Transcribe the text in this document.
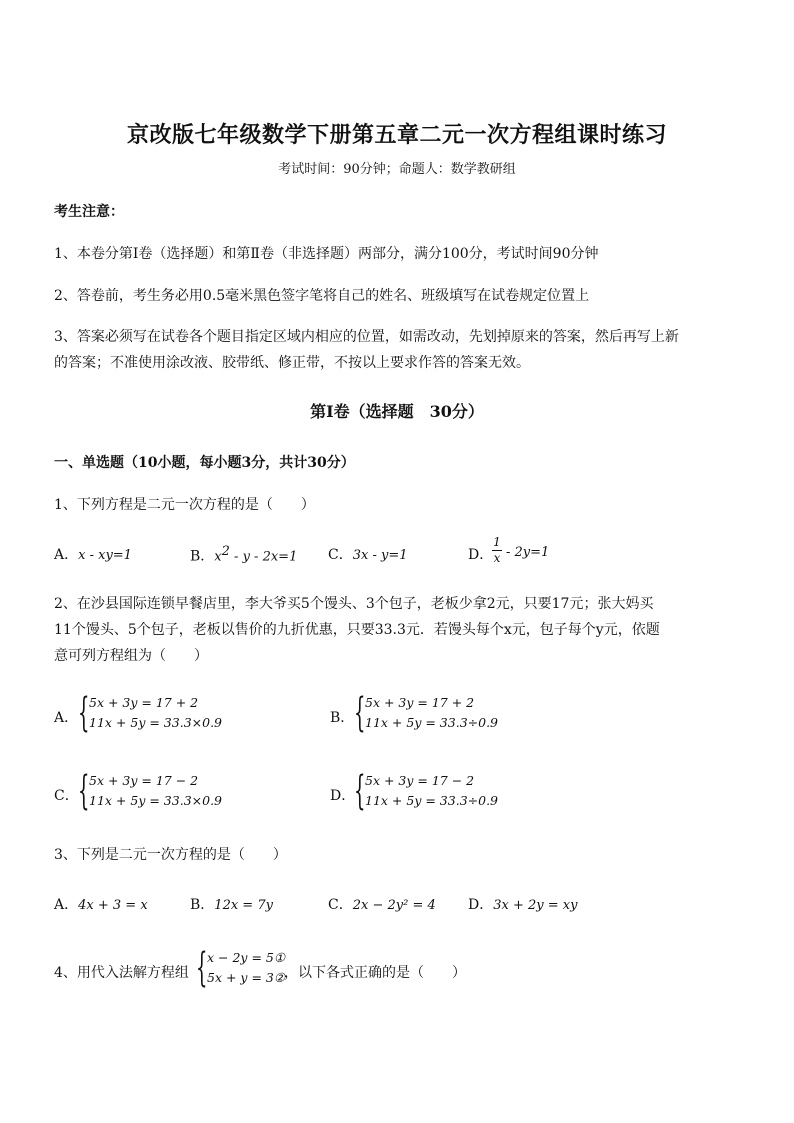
京改版七年级数学下册第五章二元一次方程组课时练习
考试时间：90分钟；命题人：数学教研组
考生注意：
1、本卷分第Ⅰ卷（选择题）和第Ⅱ卷（非选择题）两部分，满分100分，考试时间90分钟
2、答卷前，考生务必用0.5毫米黑色签字笔将自己的姓名、班级填写在试卷规定位置上
3、答案必须写在试卷各个题目指定区域内相应的位置，如需改动，先划掉原来的答案，然后再写上新
的答案；不准使用涂改液、胶带纸、修正带，不按以上要求作答的答案无效。
第Ⅰ卷（选择题　30分）
一、单选题（10小题，每小题3分，共计30分）
1、下列方程是二元一次方程的是（　　）
A．x - xy=1	B．$x^2 - y - 2x=1$ C．3x - y=1	D．
1
x - 2y=1
2、在沙县国际连锁早餐店里，李大爷买5个馒头、3个包子，老板少拿2元，只要17元；张大妈买
11个馒头、5个包子，老板以售价的九折优惠，只要33.3元．若馒头每个x元，包子每个y元，依题
意可列方程组为（　　）
A． { 5x + 3y = 17 + 2
11x + 5y = 33.3×0.9	B． { 5x + 3y = 17 + 2
11x + 5y = 33.3÷0.9
C． { 5x + 3y = 17 − 2
11x + 5y = 33.3×0.9	D．
{ 5x + 3y = 17 − 2
11x + 5y = 33.3÷0.9
3、下列是二元一次方程的是（　　）
A．4x + 3 = x	B．12x = 7y	C．2x − 2y² = 4 D．3x + 2y = xy
4、用代入法解方程组 { x − 2y = 5①
5x + y = 3②
，以下各式正确的是（　　）
